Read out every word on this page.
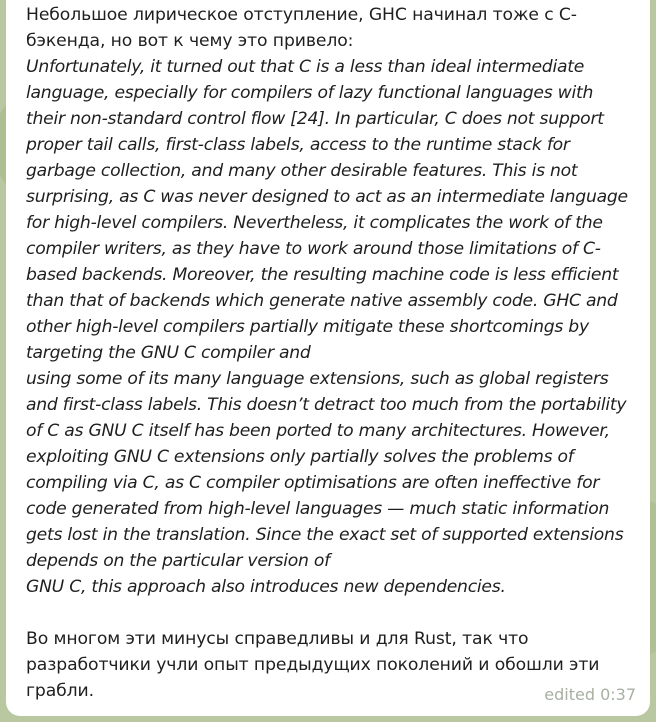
Небольшое лирическое отступление, GHC начинал тоже с C-

бэкенда, но вот к чему это привело:

Unfortunately, it turned out that C is a less than ideal intermediate

language, especially for compilers of lazy functional languages with

their non-standard control flow [24]. In particular, C does not support

proper tail calls, first-class labels, access to the runtime stack for

garbage collection, and many other desirable features. This is not

surprising, as C was never designed to act as an intermediate language

for high-level compilers. Nevertheless, it complicates the work of the

compiler writers, as they have to work around those limitations of C-

based backends. Moreover, the resulting machine code is less efficient

than that of backends which generate native assembly code. GHC and

other high-level compilers partially mitigate these shortcomings by

targeting the GNU C compiler and

using some of its many language extensions, such as global registers

and first-class labels. This doesn’t detract too much from the portability

of C as GNU C itself has been ported to many architectures. However,

exploiting GNU C extensions only partially solves the problems of

compiling via C, as C compiler optimisations are often ineffective for

code generated from high-level languages — much static information

gets lost in the translation. Since the exact set of supported extensions

depends on the particular version of

GNU C, this approach also introduces new dependencies.

Во многом эти минусы справедливы и для Rust, так что

разработчики учли опыт предыдущих поколений и обошли эти

грабли.	edited 0:37
